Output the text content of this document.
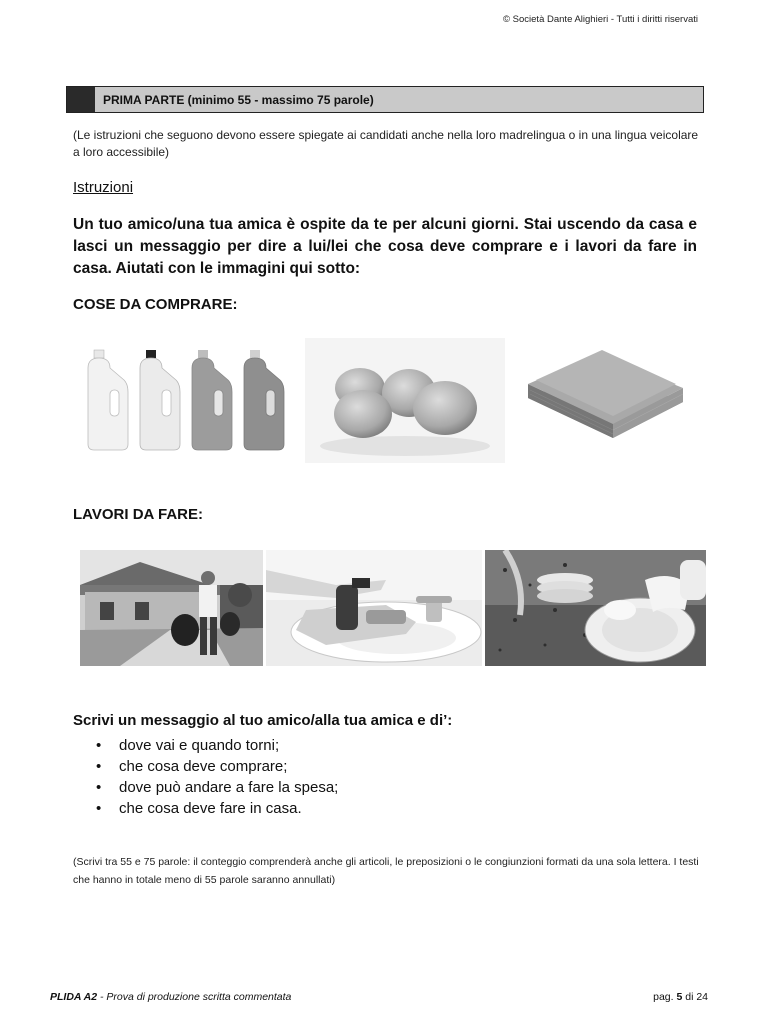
© Società Dante Alighieri - Tutti i diritti riservati
PRIMA PARTE (minimo 55 - massimo 75 parole)
(Le istruzioni che seguono devono essere spiegate ai candidati anche nella loro madrelingua o in una lingua veicolare a loro accessibile)
Istruzioni
Un tuo amico/una tua amica è ospite da te per alcuni giorni. Stai uscendo da casa e lasci un messaggio per dire a lui/lei che cosa deve comprare e i lavori da fare in casa. Aiutati con le immagini qui sotto:
COSE DA COMPRARE:
LAVORI DA FARE:
Scrivi un messaggio al tuo amico/alla tua amica e di’:
• dove vai e quando torni;
• che cosa deve comprare;
• dove può andare a fare la spesa;
• che cosa deve fare in casa.
(Scrivi tra 55 e 75 parole: il conteggio comprenderà anche gli articoli, le preposizioni o le congiunzioni formati da una sola lettera. I testi che hanno in totale meno di 55 parole saranno annullati)
PLIDA A2 - Prova di produzione scritta commentata	pag. 5 di 24
